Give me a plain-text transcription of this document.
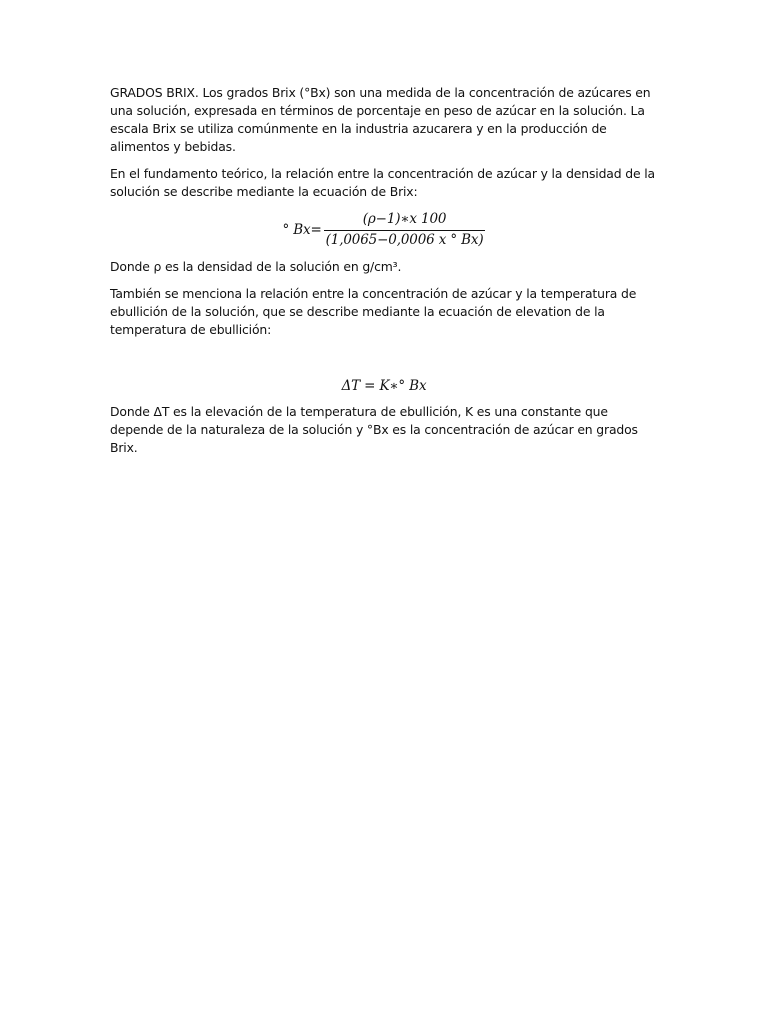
GRADOS BRIX. Los grados Brix (°Bx) son una medida de la concentración de azúcares en una solución, expresada en términos de porcentaje en peso de azúcar en la solución. La escala Brix se utiliza comúnmente en la industria azucarera y en la producción de alimentos y bebidas.

En el fundamento teórico, la relación entre la concentración de azúcar y la densidad de la solución se describe mediante la ecuación de Brix:

° $Bx= \frac{(\rho-1)∗x 100}{(1,0065-0,0006 x ^\circ Bx)}$

Donde ρ es la densidad de la solución en g/cm³.

También se menciona la relación entre la concentración de azúcar y la temperatura de ebullición de la solución, que se describe mediante la ecuación de elevation de la temperatura de ebullición:

ΔT = K∗° Bx

Donde ΔT es la elevación de la temperatura de ebullición, K es una constante que depende de la naturaleza de la solución y °Bx es la concentración de azúcar en grados Brix.
